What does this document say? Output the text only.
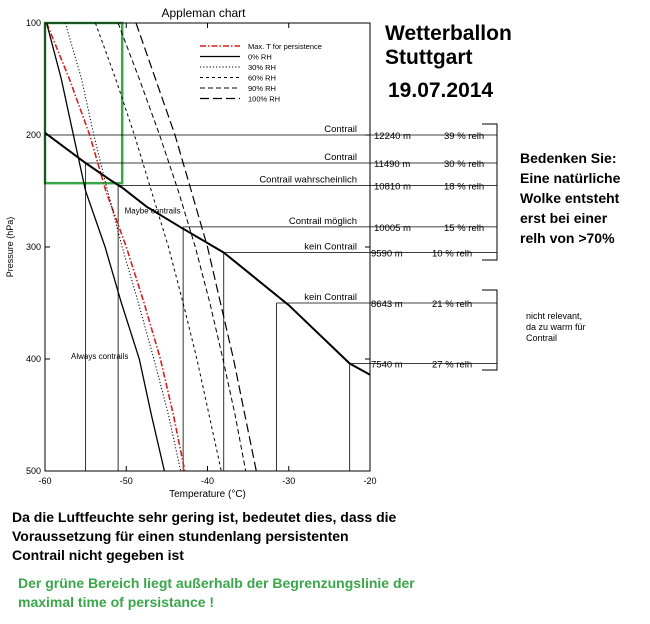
Appleman chart
-60	-50	-40	-30	-20
100
200
300
400
500
Temperature (°C)
Pressure (hPa)
Contrail
12240 m	39 % relh
Contrail
11490 m	30 % relh
Contrail wahrscheinlich
10810 m	18 % relh
Contrail möglich
10005 m	15 % relh
kein Contrail
9590 m	10 % relh
kein Contrail
8643 m	21 % relh
7540 m	27 % relh
Maybe contrails
Always contrails
Max. T for persistence
0% RH
30% RH
60% RH
90% RH
100% RH
Wetterballon
Stuttgart
19.07.2014
Bedenken Sie:
Eine natürliche
Wolke entsteht
erst bei einer
relh von >70%
nicht relevant,
da zu warm für
Contrail
Da die Luftfeuchte sehr gering ist, bedeutet dies, dass die
Voraussetzung für einen stundenlang persistenten
Contrail nicht gegeben ist
Der grüne Bereich liegt außerhalb der Begrenzungslinie der
maximal time of persistance !
